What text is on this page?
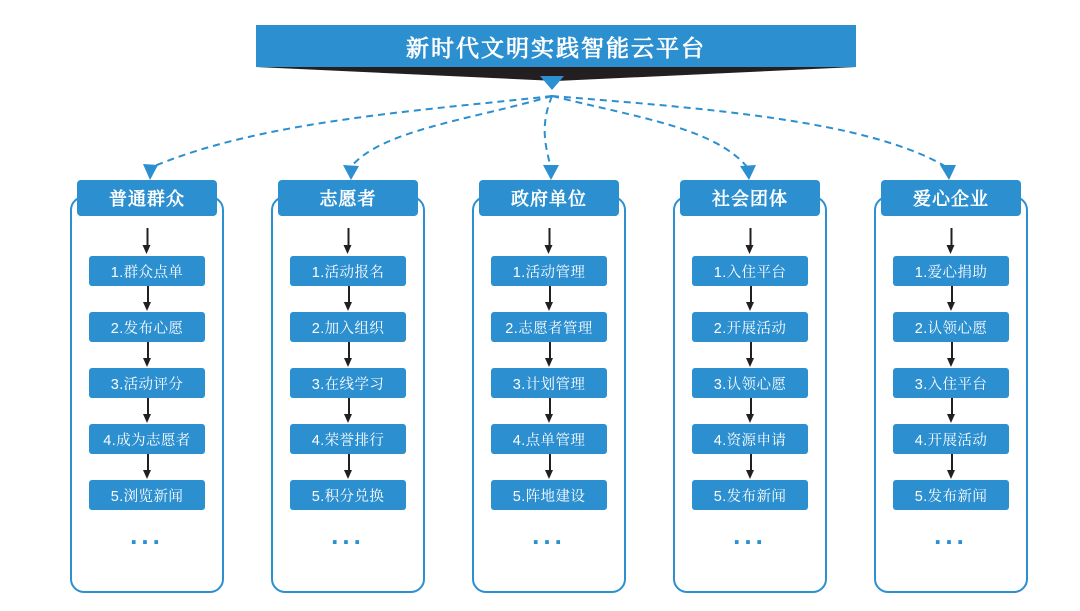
新时代文明实践智能云平台
普通群众
1.群众点单
2.发布心愿
3.活动评分
4.成为志愿者
5.浏览新闻
...
志愿者
1.活动报名
2.加入组织
3.在线学习
4.荣誉排行
5.积分兑换
...
政府单位
1.活动管理
2.志愿者管理
3.计划管理
4.点单管理
5.阵地建设
...
社会团体
1.入住平台
2.开展活动
3.认领心愿
4.资源申请
5.发布新闻
...
爱心企业
1.爱心捐助
2.认领心愿
3.入住平台
4.开展活动
5.发布新闻
...
